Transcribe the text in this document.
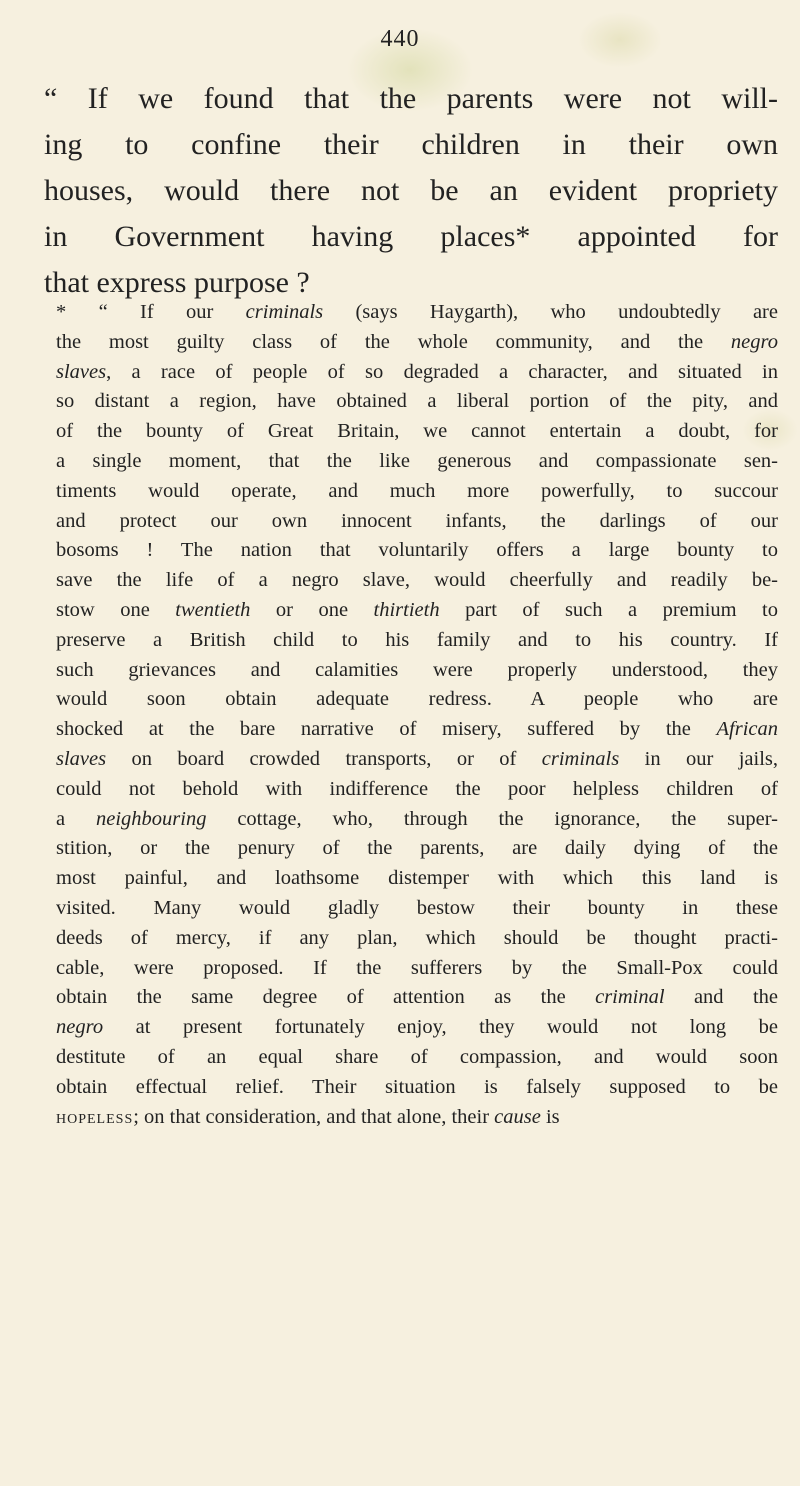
440
“ If we found that the parents were not will-
ing to confine their children in their own
houses, would there not be an evident propriety
in Government having places* appointed for
that express purpose ?
* “ If our criminals (says Haygarth), who undoubtedly are
the most guilty class of the whole community, and the negro
slaves, a race of people of so degraded a character, and situated in
so distant a region, have obtained a liberal portion of the pity, and
of the bounty of Great Britain, we cannot entertain a doubt, for
a single moment, that the like generous and compassionate sen-
timents would operate, and much more powerfully, to succour
and protect our own innocent infants, the darlings of our
bosoms ! The nation that voluntarily offers a large bounty to
save the life of a negro slave, would cheerfully and readily be-
stow one twentieth or one thirtieth part of such a premium to
preserve a British child to his family and to his country. If
such grievances and calamities were properly understood, they
would soon obtain adequate redress. A people who are
shocked at the bare narrative of misery, suffered by the African
slaves on board crowded transports, or of criminals in our jails,
could not behold with indifference the poor helpless children of
a neighbouring cottage, who, through the ignorance, the super-
stition, or the penury of the parents, are daily dying of the
most painful, and loathsome distemper with which this land is
visited. Many would gladly bestow their bounty in these
deeds of mercy, if any plan, which should be thought practi-
cable, were proposed. If the sufferers by the Small-Pox could
obtain the same degree of attention as the criminal and the
negro at present fortunately enjoy, they would not long be
destitute of an equal share of compassion, and would soon
obtain effectual relief. Their situation is falsely supposed to be
hopeless; on that consideration, and that alone, their cause is
